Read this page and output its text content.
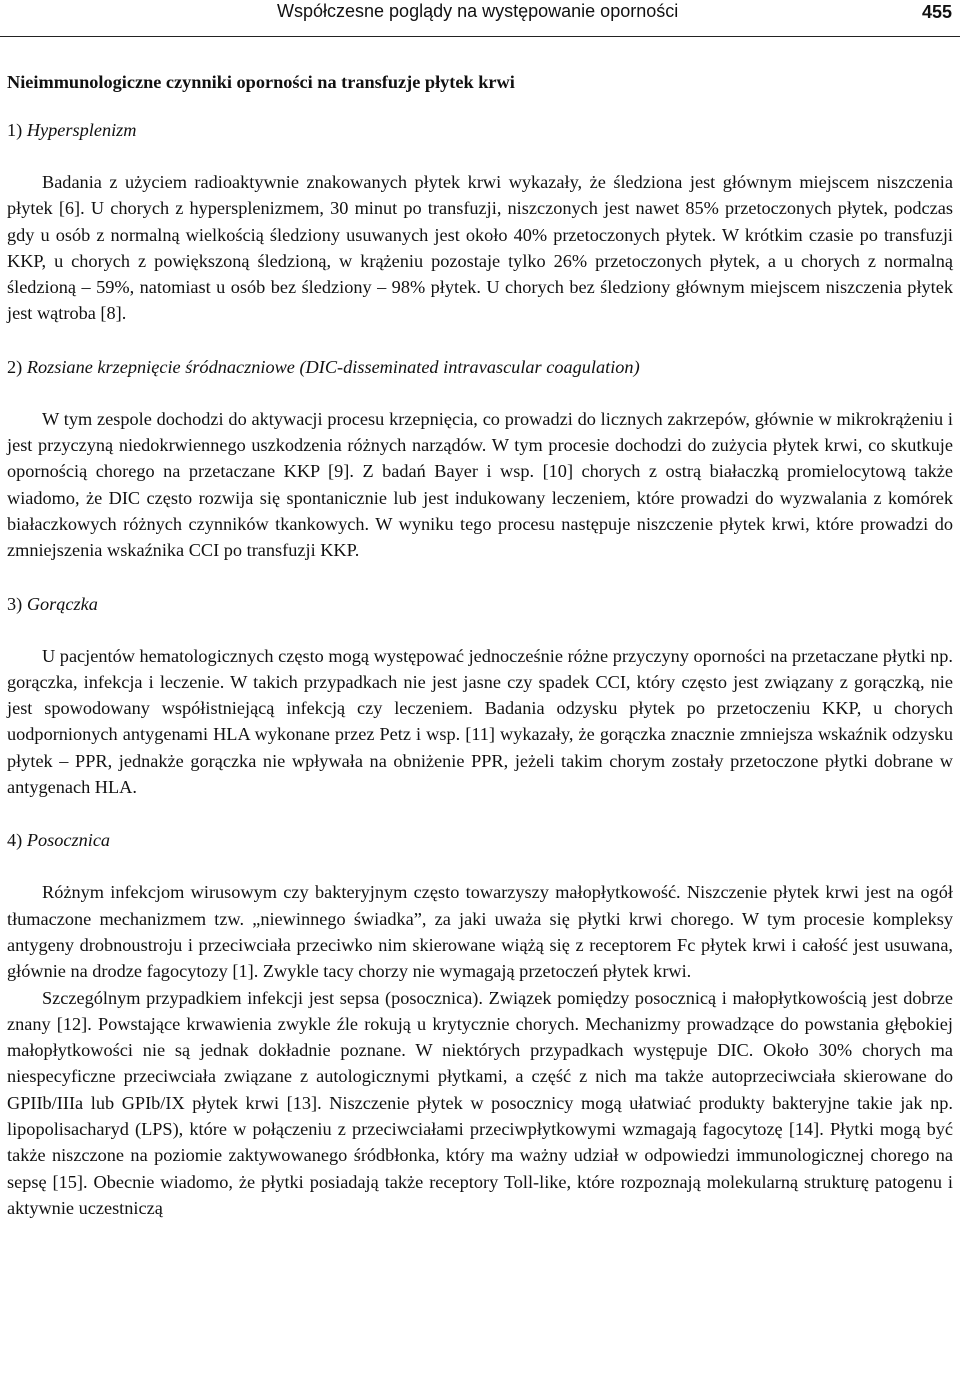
Współczesne poglądy na występowanie oporności	455
Nieimmunologiczne czynniki oporności na transfuzje płytek krwi
1) Hypersplenizm

Badania z użyciem radioaktywnie znakowanych płytek krwi wykazały, że śledziona jest głównym miejscem niszczenia płytek [6]. U chorych z hypersplenizmem, 30 minut po transfuzji, niszczonych jest nawet 85% przetoczonych płytek, podczas gdy u osób z normalną wielkością śledziony usuwanych jest około 40% przetoczonych płytek. W krótkim czasie po transfuzji KKP, u chorych z powiększoną śledzioną, w krążeniu pozostaje tylko 26% przetoczonych płytek, a u chorych z normalną śledzioną – 59%, natomiast u osób bez śledziony – 98% płytek. U chorych bez śledziony głównym miejscem niszczenia płytek jest wątroba [8].

2) Rozsiane krzepnięcie śródnaczniowe (DIC-disseminated intravascular coagulation)

W tym zespole dochodzi do aktywacji procesu krzepnięcia, co prowadzi do licznych zakrzepów, głównie w mikrokrążeniu i jest przyczyną niedokrwiennego uszkodzenia różnych narządów. W tym procesie dochodzi do zużycia płytek krwi, co skutkuje opornością chorego na przetaczane KKP [9]. Z badań Bayer i wsp. [10] chorych z ostrą białaczką promielocytową także wiadomo, że DIC często rozwija się spontanicznie lub jest indukowany leczeniem, które prowadzi do wyzwalania z komórek białaczkowych różnych czynników tkankowych. W wyniku tego procesu następuje niszczenie płytek krwi, które prowadzi do zmniejszenia wskaźnika CCI po transfuzji KKP.

3) Gorączka

U pacjentów hematologicznych często mogą występować jednocześnie różne przyczyny oporności na przetaczane płytki np. gorączka, infekcja i leczenie. W takich przypadkach nie jest jasne czy spadek CCI, który często jest związany z gorączką, nie jest spowodowany współistniejącą infekcją czy leczeniem. Badania odzysku płytek po przetoczeniu KKP, u chorych uodpornionych antygenami HLA wykonane przez Petz i wsp. [11] wykazały, że gorączka znacznie zmniejsza wskaźnik odzysku płytek – PPR, jednakże gorączka nie wpływała na obniżenie PPR, jeżeli takim chorym zostały przetoczone płytki dobrane w antygenach HLA.

4) Posocznica

Różnym infekcjom wirusowym czy bakteryjnym często towarzyszy małopłytkowość. Niszczenie płytek krwi jest na ogół tłumaczone mechanizmem tzw. „niewinnego świadka”, za jaki uważa się płytki krwi chorego. W tym procesie kompleksy antygeny drobnoustroju i przeciwciała przeciwko nim skierowane wiążą się z receptorem Fc płytek krwi i całość jest usuwana, głównie na drodze fagocytozy [1]. Zwykle tacy chorzy nie wymagają przetoczeń płytek krwi.

Szczególnym przypadkiem infekcji jest sepsa (posocznica). Związek pomiędzy posocznicą i małopłytkowością jest dobrze znany [12]. Powstające krwawienia zwykle źle rokują u krytycznie chorych. Mechanizmy prowadzące do powstania głębokiej małopłytkowości nie są jednak dokładnie poznane. W niektórych przypadkach występuje DIC. Około 30% chorych ma niespecyficzne przeciwciała związane z autologicznymi płytkami, a część z nich ma także autoprzeciwciała skierowane do GPIIb/IIIa lub GPIb/IX płytek krwi [13]. Niszczenie płytek w posocznicy mogą ułatwiać produkty bakteryjne takie jak np. lipopolisacharyd (LPS), które w połączeniu z przeciwciałami przeciwpłytkowymi wzmagają fagocytozę [14]. Płytki mogą być także niszczone na poziomie zaktywowanego śródbłonka, który ma ważny udział w odpowiedzi immunologicznej chorego na sepsę [15]. Obecnie wiadomo, że płytki posiadają także receptory Toll-like, które rozpoznają molekularną strukturę patogenu i aktywnie uczestniczą
